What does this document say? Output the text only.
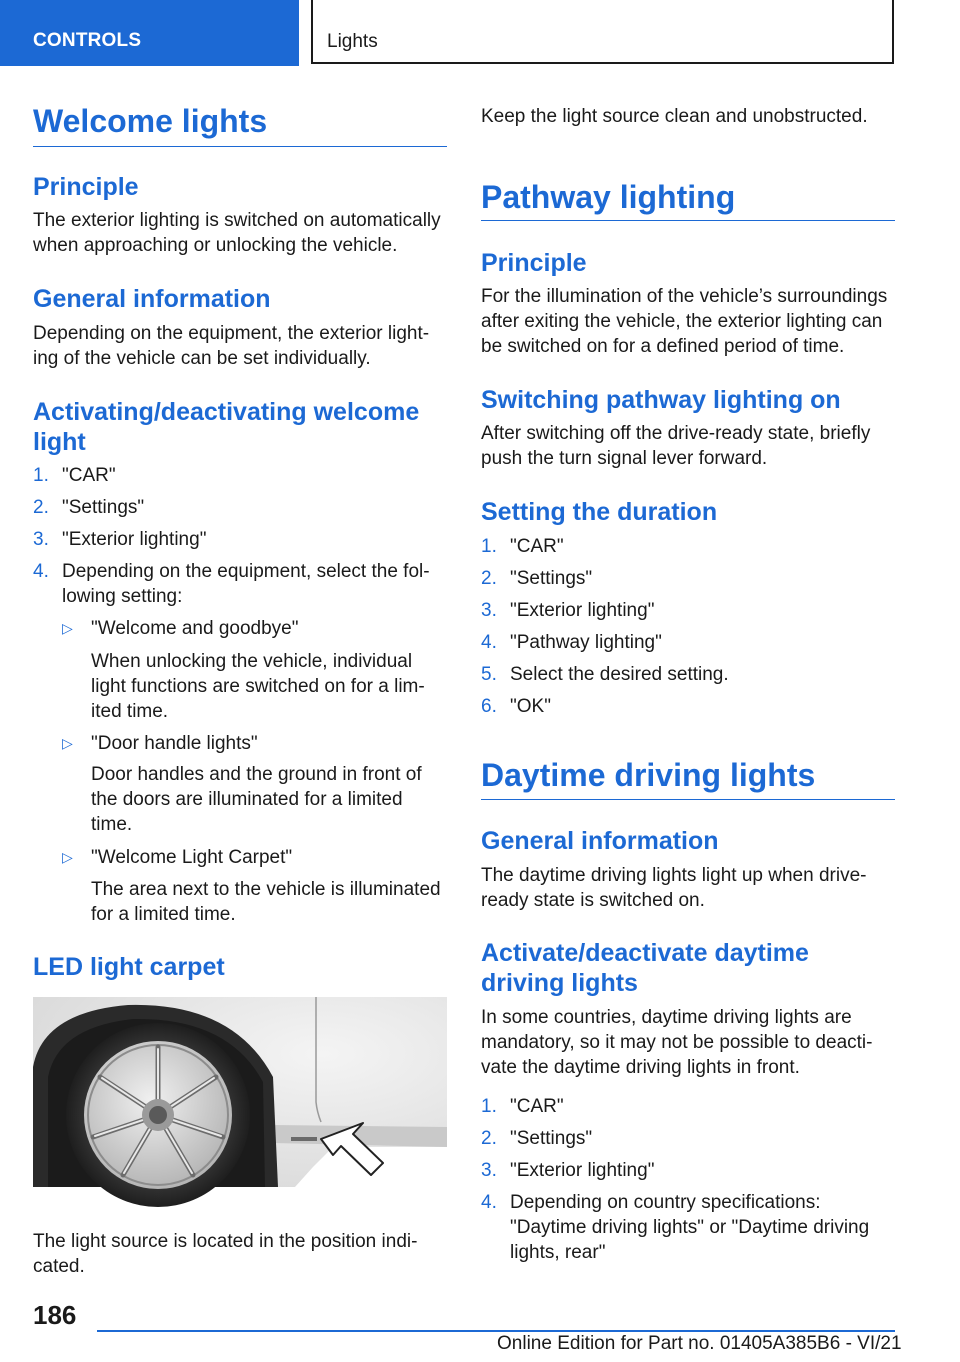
CONTROLS	Lights
Welcome lights
Principle
The exterior lighting is switched on automatically
when approaching or unlocking the vehicle.
General information
Depending on the equipment, the exterior light‐
ing of the vehicle can be set individually.
Activating/deactivating welcome
light
1. "CAR"
2. "Settings"
3. "Exterior lighting"
4. Depending on the equipment, select the fol‐
lowing setting:
▷ "Welcome and goodbye"
When unlocking the vehicle, individual
light functions are switched on for a lim‐
ited time.
▷ "Door handle lights"
Door handles and the ground in front of
the doors are illuminated for a limited
time.
▷ "Welcome Light Carpet"
The area next to the vehicle is illuminated
for a limited time.
LED light carpet
The light source is located in the position indi‐
cated.
Keep the light source clean and unobstructed.
Pathway lighting
Principle
For the illumination of the vehicle’s surroundings
after exiting the vehicle, the exterior lighting can
be switched on for a defined period of time.
Switching pathway lighting on
After switching off the drive-ready state, briefly
push the turn signal lever forward.
Setting the duration
1. "CAR"
2. "Settings"
3. "Exterior lighting"
4. "Pathway lighting"
5. Select the desired setting.
6. "OK"
Daytime driving lights
General information
The daytime driving lights light up when drive-
ready state is switched on.
Activate/deactivate daytime
driving lights
In some countries, daytime driving lights are
mandatory, so it may not be possible to deacti‐
vate the daytime driving lights in front.
1. "CAR"
2. "Settings"
3. "Exterior lighting"
4. Depending on country specifications:
"Daytime driving lights" or "Daytime driving
lights, rear"
186
Online Edition for Part no. 01405A385B6 - VI/21
